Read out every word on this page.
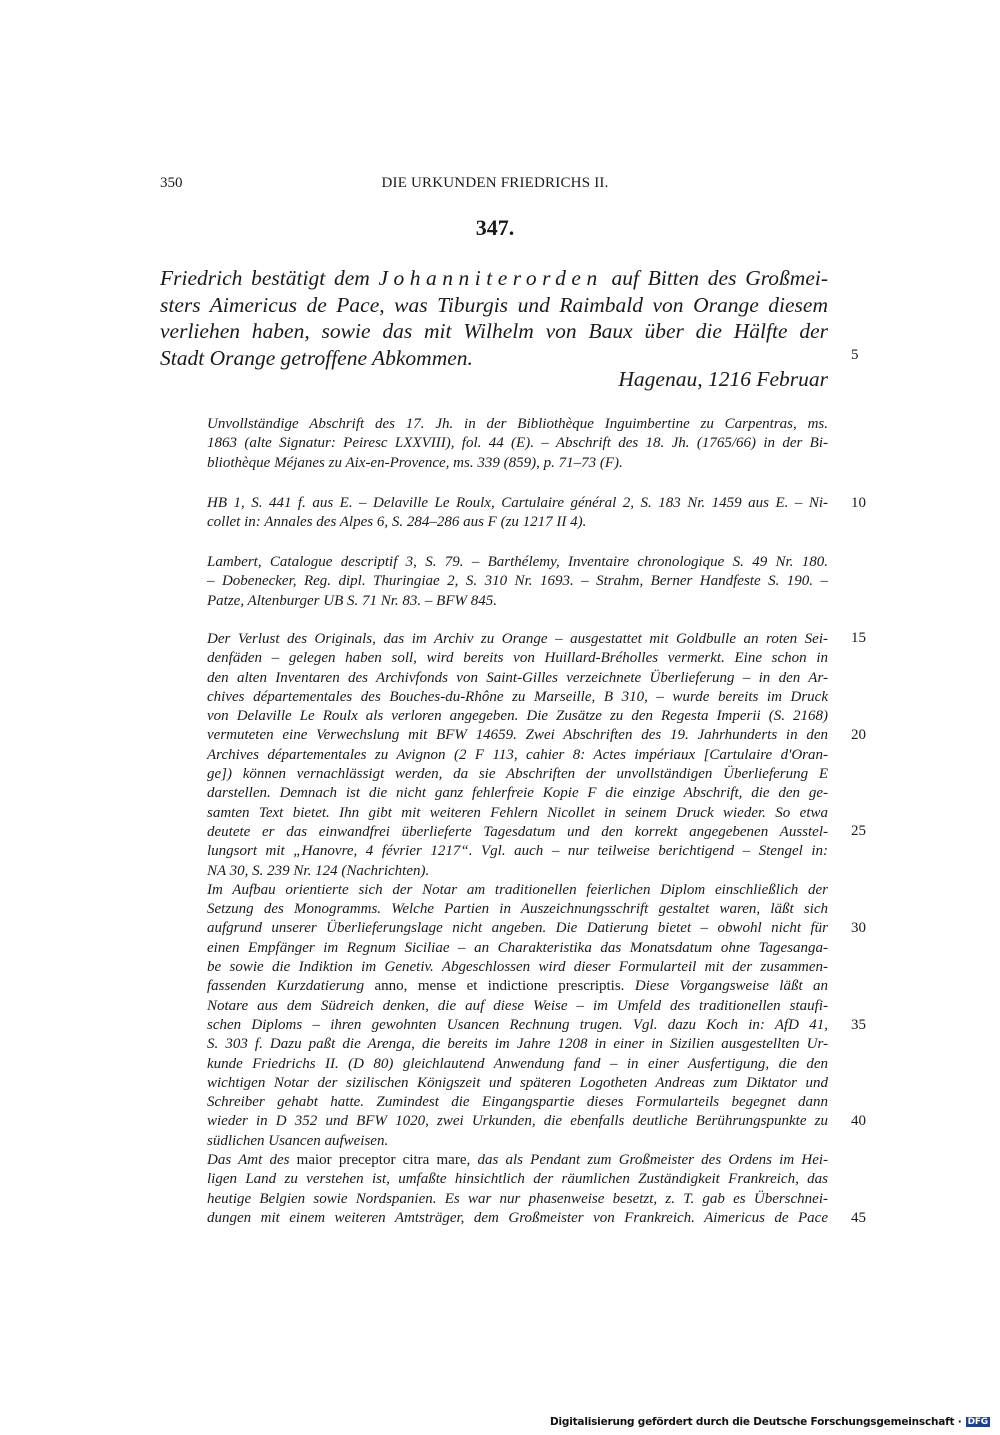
350	DIE URKUNDEN FRIEDRICHS II.
347.
Friedrich bestätigt dem Johanniterorden auf Bitten des Großmei-
sters Aimericus de Pace, was Tiburgis und Raimbald von Orange diesem
verliehen haben, sowie das mit Wilhelm von Baux über die Hälfte der
Stadt Orange getroffene Abkommen.
Hagenau, 1216 Februar
Unvollständige Abschrift des 17. Jh. in der Bibliothèque Inguimbertine zu Carpentras, ms.
1863 (alte Signatur: Peiresc LXXVIII), fol. 44 (E). – Abschrift des 18. Jh. (1765/66) in der Bi-
bliothèque Méjanes zu Aix-en-Provence, ms. 339 (859), p. 71–73 (F).
HB 1, S. 441 f. aus E. – Delaville Le Roulx, Cartulaire général 2, S. 183 Nr. 1459 aus E. – Ni-
collet in: Annales des Alpes 6, S. 284–286 aus F (zu 1217 II 4).
Lambert, Catalogue descriptif 3, S. 79. – Barthélemy, Inventaire chronologique S. 49 Nr. 180.
– Dobenecker, Reg. dipl. Thuringiae 2, S. 310 Nr. 1693. – Strahm, Berner Handfeste S. 190. –
Patze, Altenburger UB S. 71 Nr. 83. – BFW 845.
Der Verlust des Originals, das im Archiv zu Orange – ausgestattet mit Goldbulle an roten Sei-
denfäden – gelegen haben soll, wird bereits von Huillard-Bréholles vermerkt. Eine schon in
den alten Inventaren des Archivfonds von Saint-Gilles verzeichnete Überlieferung – in den Ar-
chives départementales des Bouches-du-Rhône zu Marseille, B 310, – wurde bereits im Druck
von Delaville Le Roulx als verloren angegeben. Die Zusätze zu den Regesta Imperii (S. 2168)
vermuteten eine Verwechslung mit BFW 14659. Zwei Abschriften des 19. Jahrhunderts in den
Archives départementales zu Avignon (2 F 113, cahier 8: Actes impériaux [Cartulaire d'Oran-
ge]) können vernachlässigt werden, da sie Abschriften der unvollständigen Überlieferung E
darstellen. Demnach ist die nicht ganz fehlerfreie Kopie F die einzige Abschrift, die den ge-
samten Text bietet. Ihn gibt mit weiteren Fehlern Nicollet in seinem Druck wieder. So etwa
deutete er das einwandfrei überlieferte Tagesdatum und den korrekt angegebenen Ausstel-
lungsort mit „Hanovre, 4 février 1217“. Vgl. auch – nur teilweise berichtigend – Stengel in:
NA 30, S. 239 Nr. 124 (Nachrichten).
Im Aufbau orientierte sich der Notar am traditionellen feierlichen Diplom einschließlich der
Setzung des Monogramms. Welche Partien in Auszeichnungsschrift gestaltet waren, läßt sich
aufgrund unserer Überlieferungslage nicht angeben. Die Datierung bietet – obwohl nicht für
einen Empfänger im Regnum Siciliae – an Charakteristika das Monatsdatum ohne Tagesanga-
be sowie die Indiktion im Genetiv. Abgeschlossen wird dieser Formularteil mit der zusammen-
fassenden Kurzdatierung anno, mense et indictione prescriptis. Diese Vorgangsweise läßt an
Notare aus dem Südreich denken, die auf diese Weise – im Umfeld des traditionellen staufi-
schen Diploms – ihren gewohnten Usancen Rechnung trugen. Vgl. dazu Koch in: AfD 41,
S. 303 f. Dazu paßt die Arenga, die bereits im Jahre 1208 in einer in Sizilien ausgestellten Ur-
kunde Friedrichs II. (D 80) gleichlautend Anwendung fand – in einer Ausfertigung, die den
wichtigen Notar der sizilischen Königszeit und späteren Logotheten Andreas zum Diktator und
Schreiber gehabt hatte. Zumindest die Eingangspartie dieses Formularteils begegnet dann
wieder in D 352 und BFW 1020, zwei Urkunden, die ebenfalls deutliche Berührungspunkte zu
südlichen Usancen aufweisen.
Das Amt des maior preceptor citra mare, das als Pendant zum Großmeister des Ordens im Hei-
ligen Land zu verstehen ist, umfaßte hinsichtlich der räumlichen Zuständigkeit Frankreich, das
heutige Belgien sowie Nordspanien. Es war nur phasenweise besetzt, z. T. gab es Überschnei-
dungen mit einem weiteren Amtsträger, dem Großmeister von Frankreich. Aimericus de Pace
5
10
15
20
25
30
35
40
45
Digitalisierung gefördert durch die Deutsche Forschungsgemeinschaft · DFG
